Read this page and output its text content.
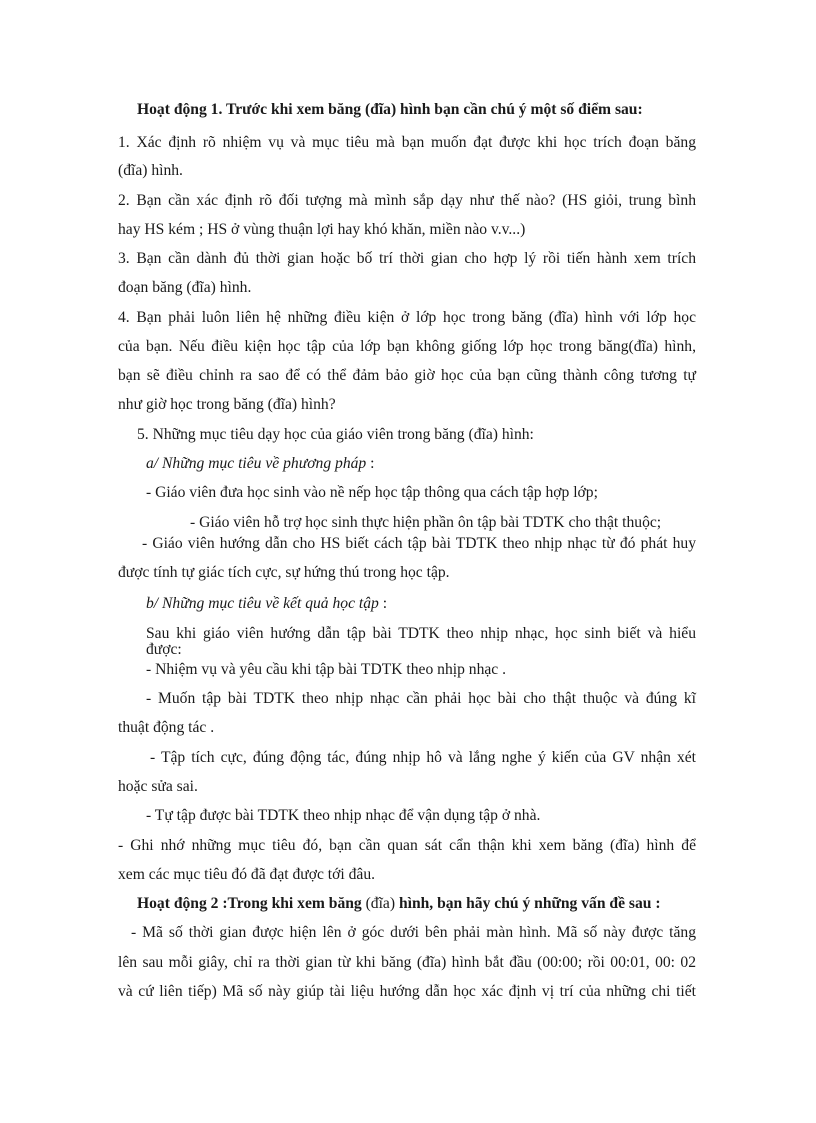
Hoạt động 1. Trước khi xem băng (đĩa) hình bạn cần chú ý một số điểm sau:
1. Xác định rõ nhiệm vụ và mục tiêu mà bạn muốn đạt được khi học trích đoạn băng
(đĩa) hình.
2. Bạn cần xác định rõ đối tượng mà mình sắp dạy như thế nào? (HS giỏi, trung bình
hay HS kém ; HS ở vùng thuận lợi hay khó khăn, miền nào v.v...)
3. Bạn cần dành đủ thời gian hoặc bố trí thời gian cho hợp lý rồi tiến hành xem trích
đoạn băng (đĩa) hình.
4. Bạn phải luôn liên hệ những điều kiện ở lớp học trong băng (đĩa) hình với lớp học
của bạn. Nếu điều kiện học tập của lớp bạn không giống lớp học trong băng(đĩa) hình,
bạn sẽ điều chỉnh ra sao để có thể đảm bảo giờ học của bạn cũng thành công tương tự
như giờ học trong băng (đĩa) hình?
5. Những mục tiêu dạy học của giáo viên trong băng (đĩa) hình:
a/ Những mục tiêu về phương pháp :
- Giáo viên đưa học sinh vào nề nếp học tập thông qua cách tập hợp lớp;
- Giáo viên hỗ trợ học sinh thực hiện phần ôn tập bài TDTK cho thật thuộc;
- Giáo viên hướng dẫn cho HS biết cách tập bài TDTK theo nhịp nhạc từ đó phát huy
được tính tự giác tích cực, sự hứng thú trong học tập.
b/ Những mục tiêu về kết quả học tập :
Sau khi giáo viên hướng dẫn tập bài TDTK theo nhịp nhạc, học sinh biết và hiểu
được:
- Nhiệm vụ và yêu cầu khi tập bài TDTK theo nhịp nhạc .
- Muốn tập bài TDTK theo nhịp nhạc cần phải học bài cho thật thuộc và đúng kĩ
thuật động tác .
- Tập tích cực, đúng động tác, đúng nhịp hô và lắng nghe ý kiến của GV nhận xét
hoặc sửa sai.
- Tự tập được bài TDTK theo nhịp nhạc để vận dụng tập ở nhà.
- Ghi nhớ những mục tiêu đó, bạn cần quan sát cẩn thận khi xem băng (đĩa) hình để
xem các mục tiêu đó đã đạt được tới đâu.
Hoạt động 2 :Trong khi xem băng (đĩa) hình, bạn hãy chú ý những vấn đề sau :
- Mã số thời gian được hiện lên ở góc dưới bên phải màn hình. Mã số này được tăng
lên sau mỗi giây, chỉ ra thời gian từ khi băng (đĩa) hình bắt đầu (00:00; rồi 00:01, 00: 02
và cứ liên tiếp) Mã số này giúp tài liệu hướng dẫn học xác định vị trí của những chi tiết
